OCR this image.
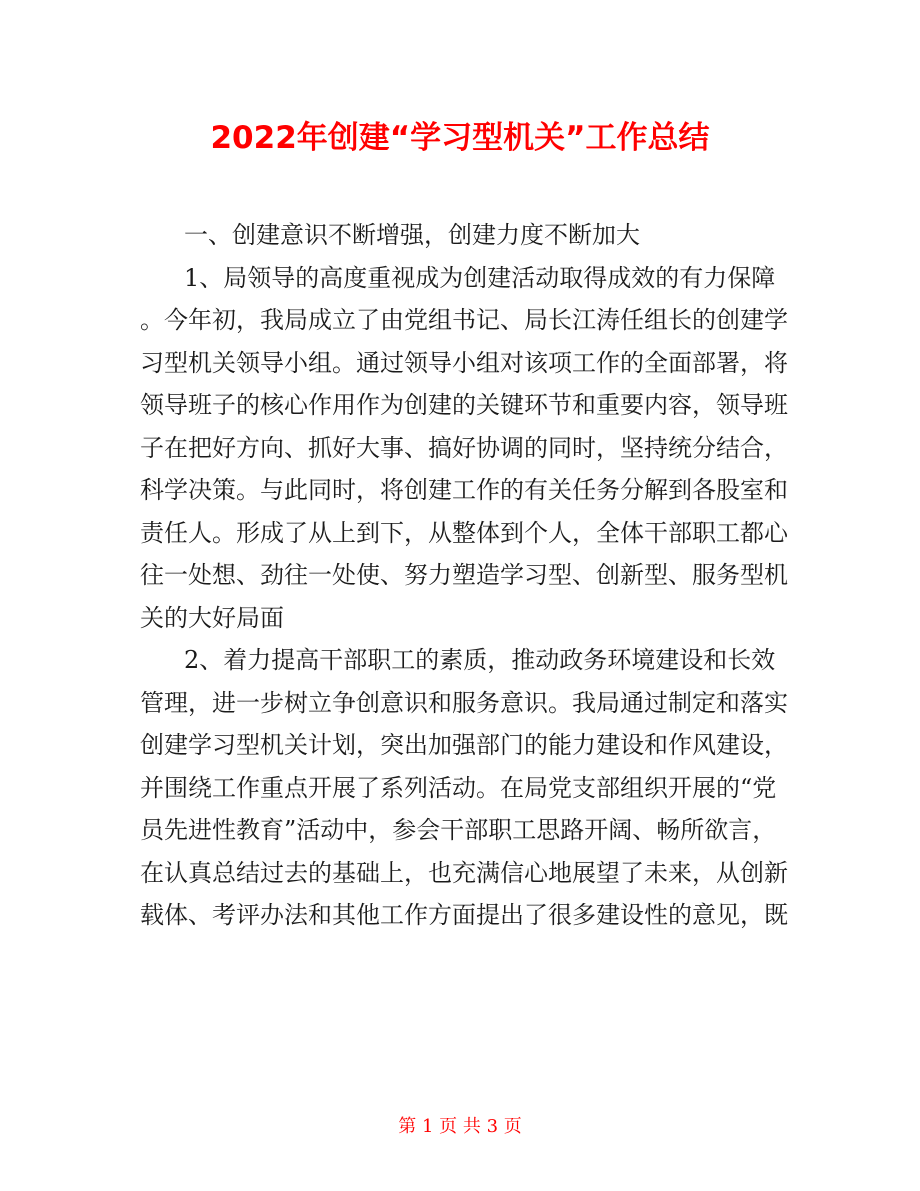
2022年创建“学习型机关”工作总结
一、创建意识不断增强，创建力度不断加大
1、局领导的高度重视成为创建活动取得成效的有力保障
。今年初，我局成立了由党组书记、局长江涛任组长的创建学
习型机关领导小组。通过领导小组对该项工作的全面部署，将
领导班子的核心作用作为创建的关键环节和重要内容，领导班
子在把好方向、抓好大事、搞好协调的同时，坚持统分结合，
科学决策。与此同时，将创建工作的有关任务分解到各股室和
责任人。形成了从上到下，从整体到个人，全体干部职工都心
往一处想、劲往一处使、努力塑造学习型、创新型、服务型机
关的大好局面
2、着力提高干部职工的素质，推动政务环境建设和长效
管理，进一步树立争创意识和服务意识。我局通过制定和落实
创建学习型机关计划，突出加强部门的能力建设和作风建设，
并围绕工作重点开展了系列活动。在局党支部组织开展的“党
员先进性教育”活动中，参会干部职工思路开阔、畅所欲言，
在认真总结过去的基础上，也充满信心地展望了未来，从创新
载体、考评办法和其他工作方面提出了很多建设性的意见，既
第 1 页 共 3 页
